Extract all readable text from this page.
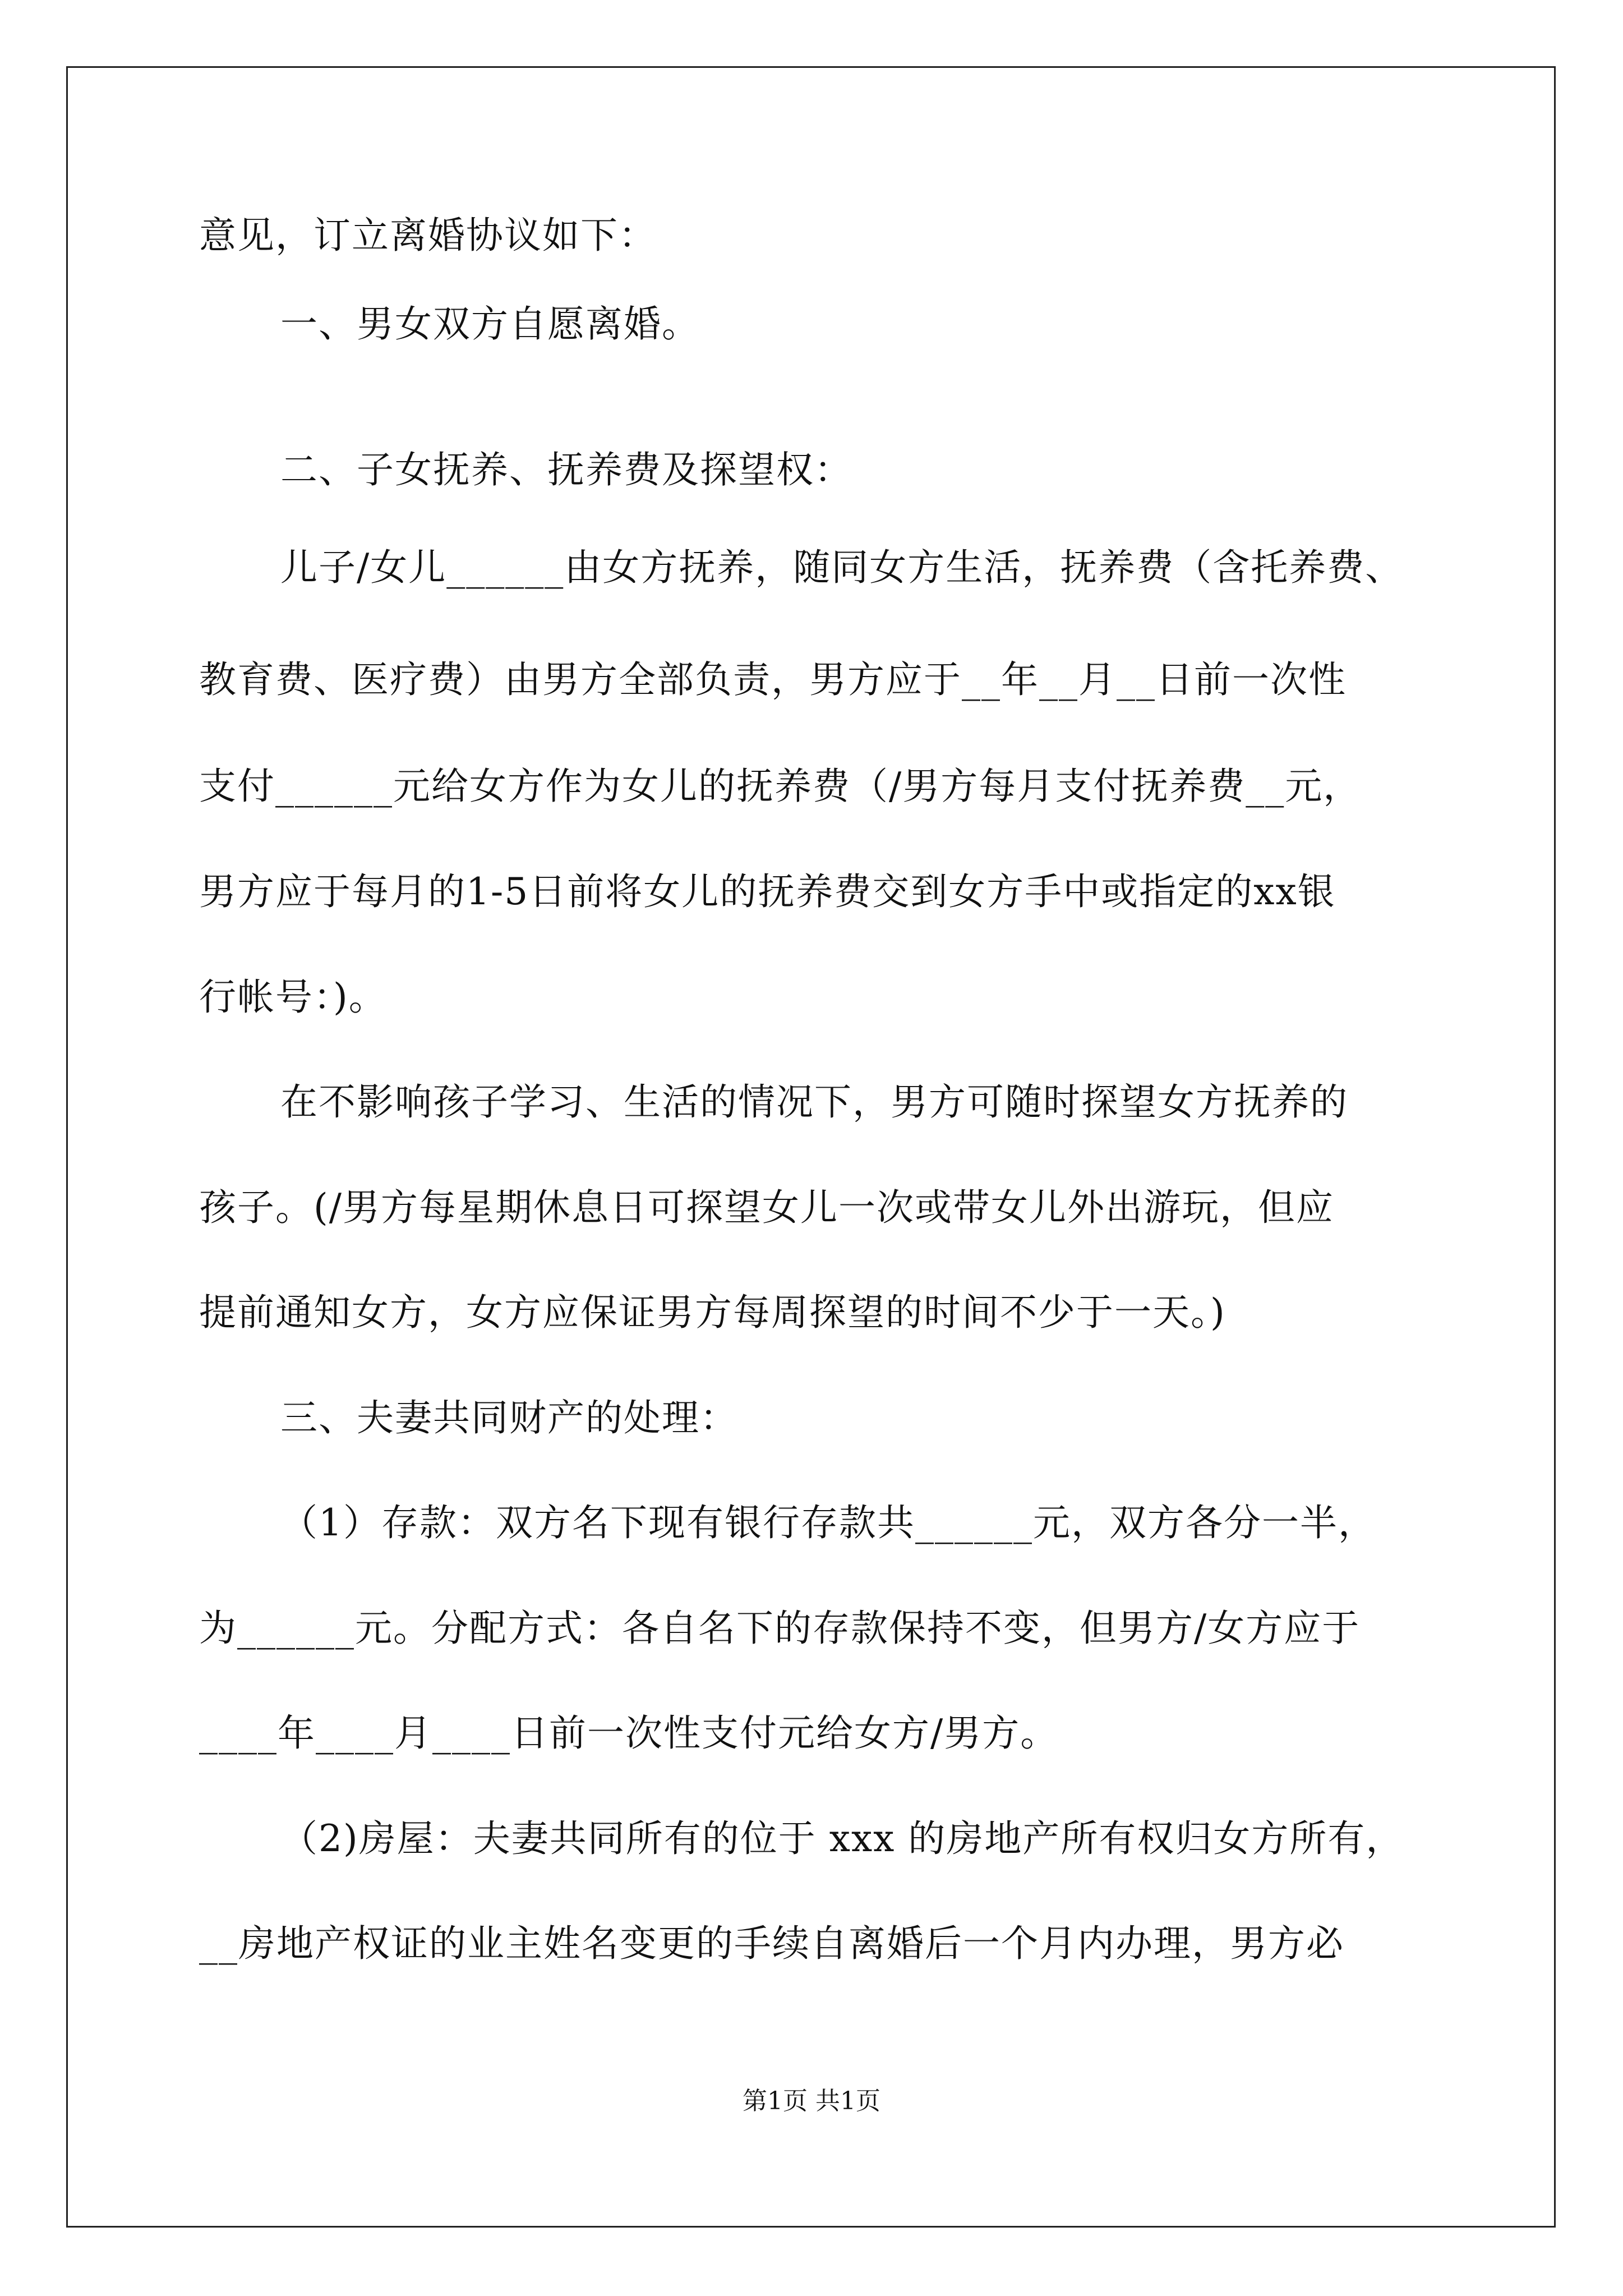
意见，订立离婚协议如下：
一、男女双方自愿离婚。
二、子女抚养、抚养费及探望权：
儿子/女儿______由女方抚养，随同女方生活，抚养费（含托养费、
教育费、医疗费）由男方全部负责，男方应于__年__月__日前一次性
支付______元给女方作为女儿的抚养费（/男方每月支付抚养费__元，
男方应于每月的1-5日前将女儿的抚养费交到女方手中或指定的xx银
行帐号：)。
在不影响孩子学习、生活的情况下，男方可随时探望女方抚养的
孩子。(/男方每星期休息日可探望女儿一次或带女儿外出游玩，但应
提前通知女方，女方应保证男方每周探望的时间不少于一天。)
三、夫妻共同财产的处理：
（1）存款：双方名下现有银行存款共______元，双方各分一半，
为______元。分配方式：各自名下的存款保持不变，但男方/女方应于
____年____月____日前一次性支付元给女方/男方。
（2)房屋：夫妻共同所有的位于 xxx 的房地产所有权归女方所有，
__房地产权证的业主姓名变更的手续自离婚后一个月内办理，男方必
第1页 共1页
